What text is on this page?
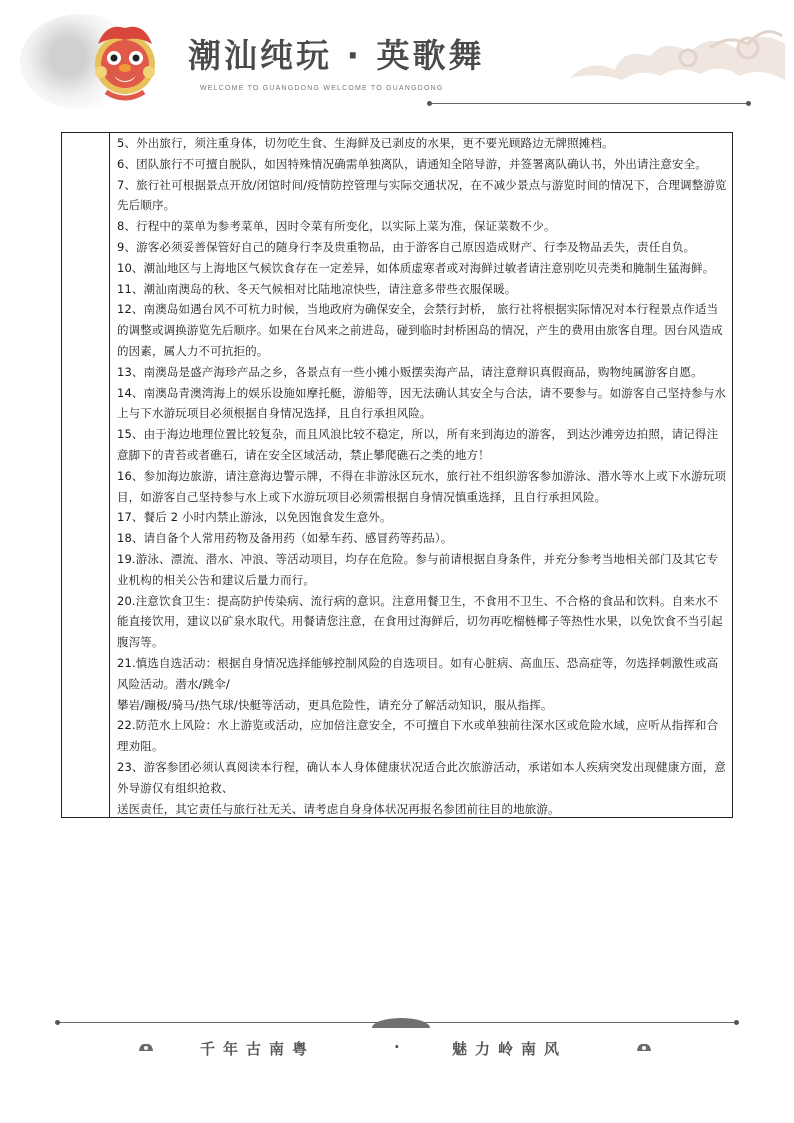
潮汕纯玩 · 英歌舞
WELCOME TO GUANGDONG WELCOME TO GUANGDONG

5、外出旅行，须注重身体，切勿吃生食、生海鲜及已剥皮的水果，更不要光顾路边无牌照摊档。

6、团队旅行不可擅自脱队，如因特殊情况确需单独离队，请通知全陪导游，并签署离队确认书，外出请注意安全。

7、旅行社可根据景点开放/闭馆时间/疫情防控管理与实际交通状况，在不减少景点与游览时间的情况下，合理调整游览先后顺序。

8、行程中的菜单为参考菜单，因时令菜有所变化，以实际上菜为准，保证菜数不少。

9、游客必须妥善保管好自己的随身行李及贵重物品，由于游客自己原因造成财产、行李及物品丢失，责任自负。

10、潮汕地区与上海地区气候饮食存在一定差异，如体质虚寒者或对海鲜过敏者请注意别吃贝壳类和腌制生猛海鲜。

11、潮汕南澳岛的秋、冬天气候相对比陆地凉快些，请注意多带些衣服保暖。

12、南澳岛如遇台风不可杭力时候，当地政府为确保安全，会禁行封桥， 旅行社将根据实际情况对本行程景点作适当的调整或调换游览先后顺序。如果在台风来之前进岛，碰到临时封桥困岛的情况，产生的费用由旅客自理。因台风造成的因素，属人力不可抗拒的。

13、南澳岛是盛产海珍产品之乡，各景点有一些小摊小贩摆卖海产品，请注意辩识真假商品，购物纯属游客自愿。

14、南澳岛青澳湾海上的娱乐设施如摩托艇，游船等，因无法确认其安全与合法，请不要参与。如游客自己坚持参与水上与下水游玩项目必须根据自身情况选择，且自行承担风险。

15、由于海边地理位置比较复杂，而且风浪比较不稳定，所以，所有来到海边的游客， 到达沙滩旁边拍照，请记得注意脚下的青苔或者礁石，请在安全区域活动，禁止攀爬礁石之类的地方！

16、参加海边旅游，请注意海边警示牌，不得在非游泳区玩水，旅行社不组织游客参加游泳、潜水等水上或下水游玩项目，如游客自己坚持参与水上或下水游玩项目必须需根据自身情况慎重选择，且自行承担风险。

17、餐后 2 小时内禁止游泳，以免因饱食发生意外。

18、请自备个人常用药物及备用药（如晕车药、感冒药等药品）。

19.游泳、漂流、潜水、冲浪、等活动项目，均存在危险。参与前请根据自身条件，并充分参考当地相关部门及其它专业机构的相关公告和建议后量力而行。

20.注意饮食卫生：提高防护传染病、流行病的意识。注意用餐卫生，不食用不卫生、不合格的食品和饮料。自来水不能直接饮用，建议以矿泉水取代。用餐请您注意，在食用过海鲜后，切勿再吃榴梿椰子等热性水果，以免饮食不当引起腹泻等。

21.慎选自选活动：根据自身情况选择能够控制风险的自选项目。如有心脏病、高血压、恐高症等，勿选择刺激性或高风险活动。潜水/跳伞/

攀岩/蹦极/骑马/热气球/快艇等活动，更具危险性，请充分了解活动知识，服从指挥。

22.防范水上风险：水上游览或活动，应加倍注意安全，不可擅自下水或单独前往深水区或危险水域，应听从指挥和合理劝阻。

23、游客参团必须认真阅读本行程，确认本人身体健康状况适合此次旅游活动，承诺如本人疾病突发出现健康方面，意外导游仅有组织抢救、

送医责任，其它责任与旅行社无关、请考虑自身身体状况再报名参团前往目的地旅游。

千年古南粤	·	魅力岭南风
